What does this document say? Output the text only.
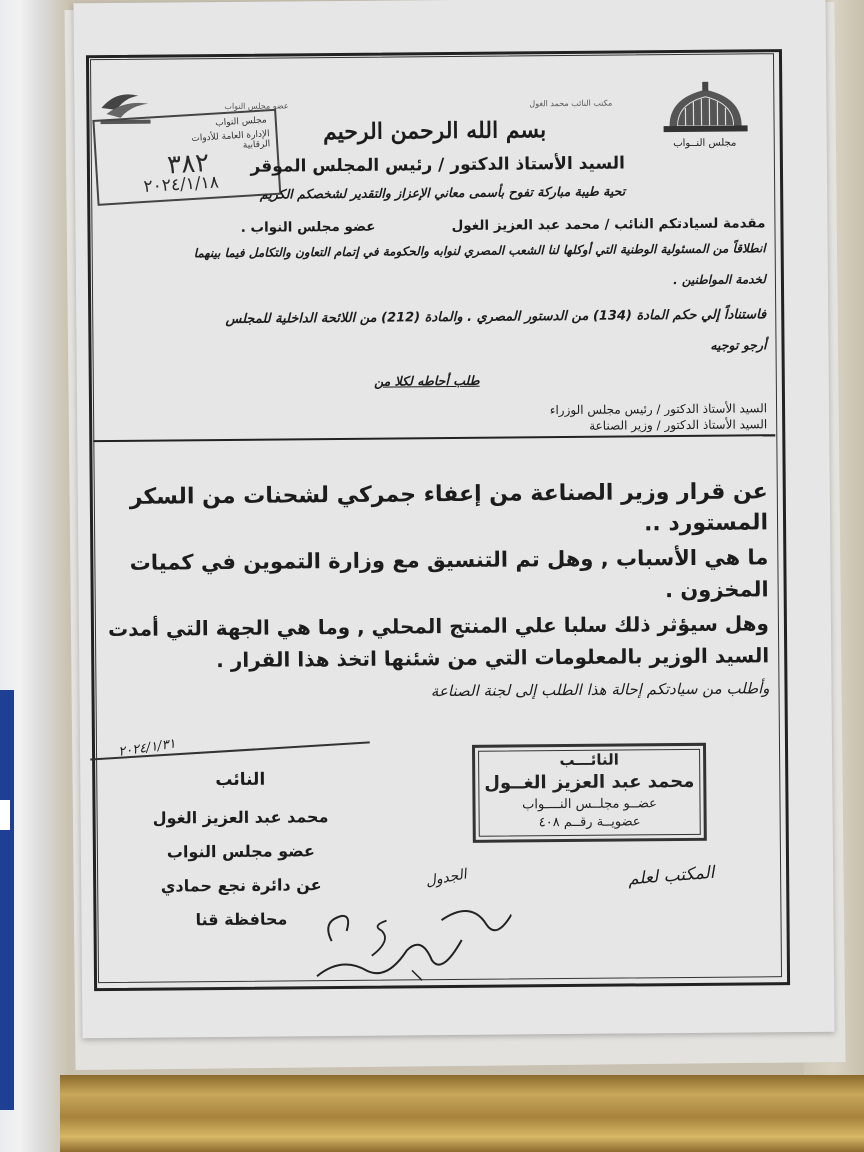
مكتب النائب محمد الغول
عضو مجلس النواب
مجلس النــواب
مجلس النواب
الإدارة العامة للأدوات الرقابية
٣٨٢
٢٠٢٤/١/١٨
بسم الله الرحمن الرحيم
السيد الأستاذ الدكتور / رئيس المجلس الموقر
تحية طيبة مباركة تفوح بأسمى معاني الإعزاز والتقدير لشخصكم الكريم
مقدمة لسيادتكم النائب / محمد عبد العزيز الغول
عضو مجلس النواب .
انطلاقاً من المسئولية الوطنية التي أوكلها لنا الشعب المصري لنوابه والحكومة في إتمام التعاون والتكامل فيما بينهما
لخدمة المواطنين .
فاستناداً إلي حكم المادة (134) من الدستور المصري . والمادة (212) من اللائحة الداخلية للمجلس
أرجو توجيه
طلب أحاطه لكلا من
السيد الأستاذ الدكتور / رئيس مجلس الوزراء
السيد الأستاذ الدكتور / وزير الصناعة
عن قرار وزير الصناعة من إعفاء جمركي لشحنات من السكر
المستورد ..
ما هي الأسباب , وهل تم التنسيق مع وزارة التموين في كميات
المخزون .
وهل سيؤثر ذلك سلبا علي المنتج المحلي , وما هي الجهة التي أمدت
السيد الوزير بالمعلومات التي من شئنها اتخذ هذا القرار .
وأطلب من سيادتكم إحالة هذا الطلب إلى لجنة الصناعة
٢٠٢٤/١/٣١
النائب
محمد عبد العزيز الغول
عضو مجلس النواب
عن دائرة نجع حمادي
محافظة قنا
النائـــب
محمد عبد العزيز الغــول
عضــو مجلــس النــــواب
عضويــة رقــم ٤٠٨
المكتب لعلم
الجدول
